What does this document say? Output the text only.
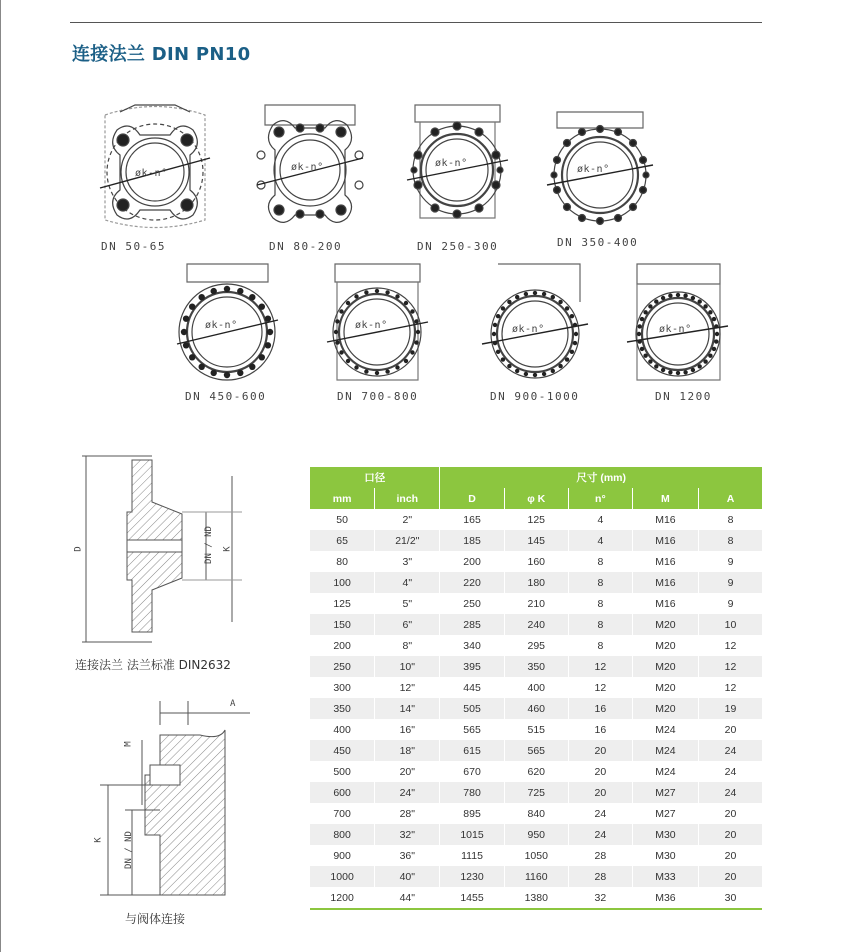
连接法兰 DIN PN10
DN 50-65
øk-n°
DN 80-200
øk-n°
DN 250-300
øk-n°
DN 350-400
øk-n°
DN 450-600
øk-n°
DN 700-800
øk-n°
DN 900-1000
øk-n°
DN 1200
øk-n°
D	DN / ND K
连接法兰 法兰标准 DIN2632
A
M
K DN / ND
与阀体连接
口径		尺寸 (mm)				
mm	inch	D	φ K	n°	M	A
50	2"	165	125	4	M16	8
65	21/2"	185	145	4	M16	8
80	3"	200	160	8	M16	9
100	4"	220	180	8	M16	9
125	5"	250	210	8	M16	9
150	6"	285	240	8	M20	10
200	8"	340	295	8	M20	12
250	10"	395	350	12	M20	12
300	12"	445	400	12	M20	12
350	14"	505	460	16	M20	19
400	16"	565	515	16	M24	20
450	18"	615	565	20	M24	24
500	20"	670	620	20	M24	24
600	24"	780	725	20	M27	24
700	28"	895	840	24	M27	20
800	32"	1015	950	24	M30	20
900	36"	1115	1050	28	M30	20
1000	40"	1230	1160	28	M33	20
1200	44"	1455	1380	32	M36	30
